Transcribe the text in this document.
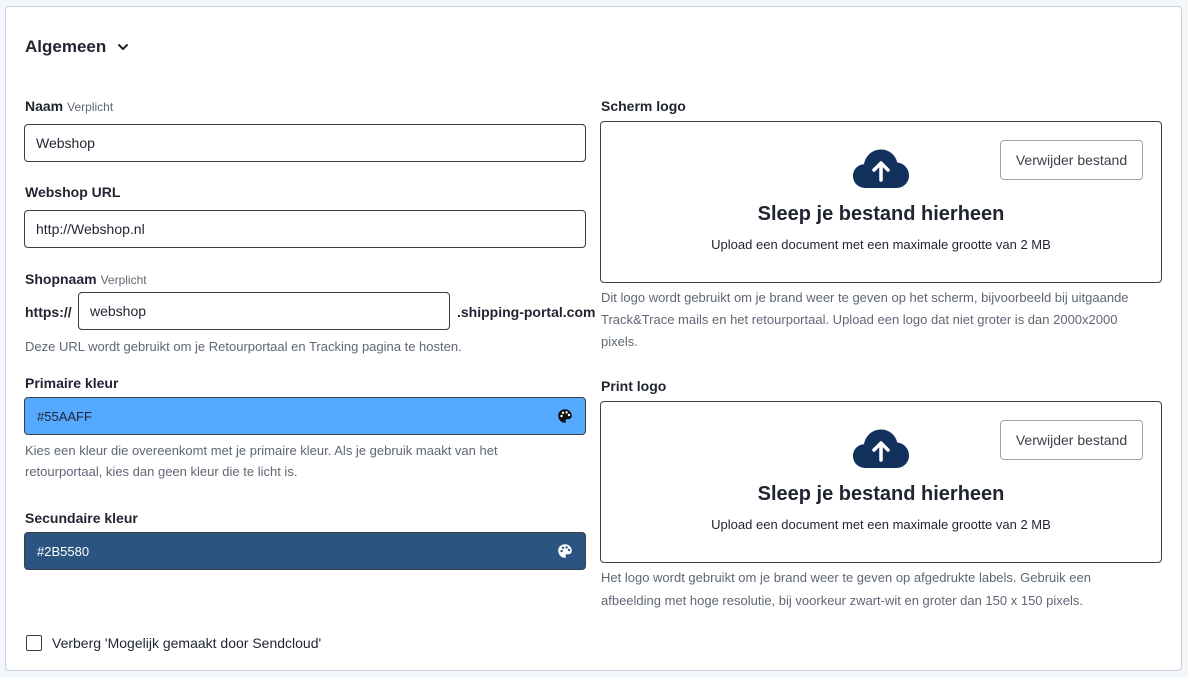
Algemeen
Naam Verplicht
Webshop
Webshop URL
http://Webshop.nl
Shopnaam Verplicht
https://
webshop	.shipping-portal.com
Deze URL wordt gebruikt om je Retourportaal en Tracking pagina te hosten.
Primaire kleur
#55AAFF
Kies een kleur die overeenkomt met je primaire kleur. Als je gebruik maakt van het
retourportaal, kies dan geen kleur die te licht is.
Secundaire kleur
#2B5580
Scherm logo
Sleep je bestand hierheen
Upload een document met een maximale grootte van 2 MB
Verwijder bestand
Dit logo wordt gebruikt om je brand weer te geven op het scherm, bijvoorbeeld bij uitgaande
Track&Trace mails en het retourportaal. Upload een logo dat niet groter is dan 2000x2000
pixels.
Print logo
Sleep je bestand hierheen
Upload een document met een maximale grootte van 2 MB
Verwijder bestand
Het logo wordt gebruikt om je brand weer te geven op afgedrukte labels. Gebruik een
afbeelding met hoge resolutie, bij voorkeur zwart-wit en groter dan 150 x 150 pixels.
Verberg 'Mogelijk gemaakt door Sendcloud'
